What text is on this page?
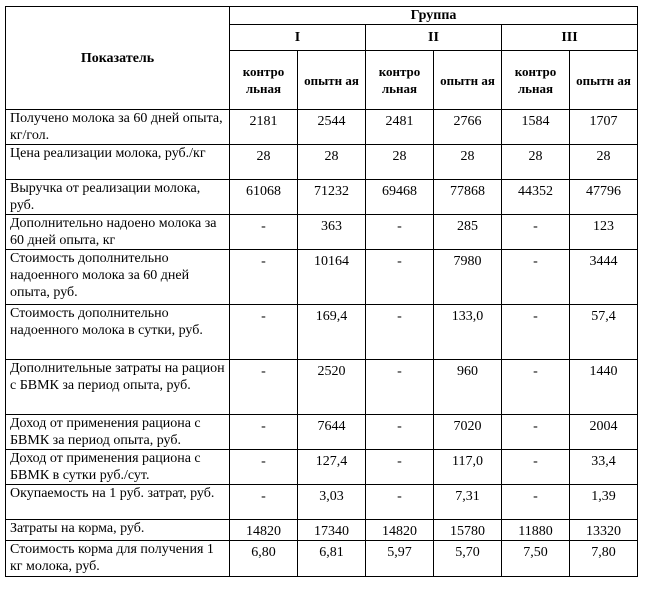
Показатель	Группа					
	I		II		III	
	контро льная	опытн ая	контро льная	опытн ая	контро льная	опытн ая
Получено молока за 60 дней опыта, кг/гол.	2181	2544	2481	2766	1584	1707
Цена реализации молока, руб./кг	28	28	28	28	28	28
Выручка от реализации молока, руб.	61068	71232	69468	77868	44352	47796
Дополнительно надоено молока за 60 дней опыта, кг	-	363	-	285	-	123
Стоимость дополнительно надоенного молока за 60 дней опыта, руб.	-	10164	-	7980	-	3444
Стоимость дополнительно надоенного молока в сутки, руб.	-	169,4	-	133,0	-	57,4
Дополнительные затраты на рацион с БВМК за период опыта, руб.	-	2520	-	960	-	1440
Доход от применения рациона с БВМК за период опыта, руб.	-	7644	-	7020	-	2004
Доход от применения рациона с БВМК в сутки руб./сут.	-	127,4	-	117,0	-	33,4
Окупаемость на 1 руб. затрат, руб.	-	3,03	-	7,31	-	1,39
Затраты на корма, руб.	14820	17340	14820	15780	11880	13320
Стоимость корма для получения 1 кг молока, руб.	6,80	6,81	5,97	5,70	7,50	7,80
